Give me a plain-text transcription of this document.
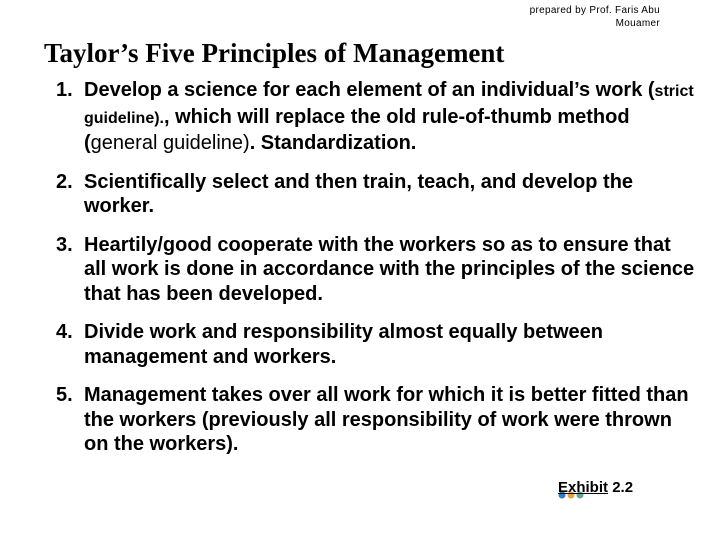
prepared by Prof. Faris Abu
Mouamer
Taylor’s Five Principles of Management
1. Develop a science for each element of an individual’s work (strict guideline)., which will replace the old rule-of-thumb method (general guideline). Standardization.
2. Scientifically select and then train, teach, and develop the worker.
3. Heartily/good cooperate with the workers so as to ensure that all work is done in accordance with the principles of the science that has been developed.
4. Divide work and responsibility almost equally between management and workers.
5. Management takes over all work for which it is better fitted than the workers (previously all responsibility of work were thrown on the workers).
Exhibit 2.2
